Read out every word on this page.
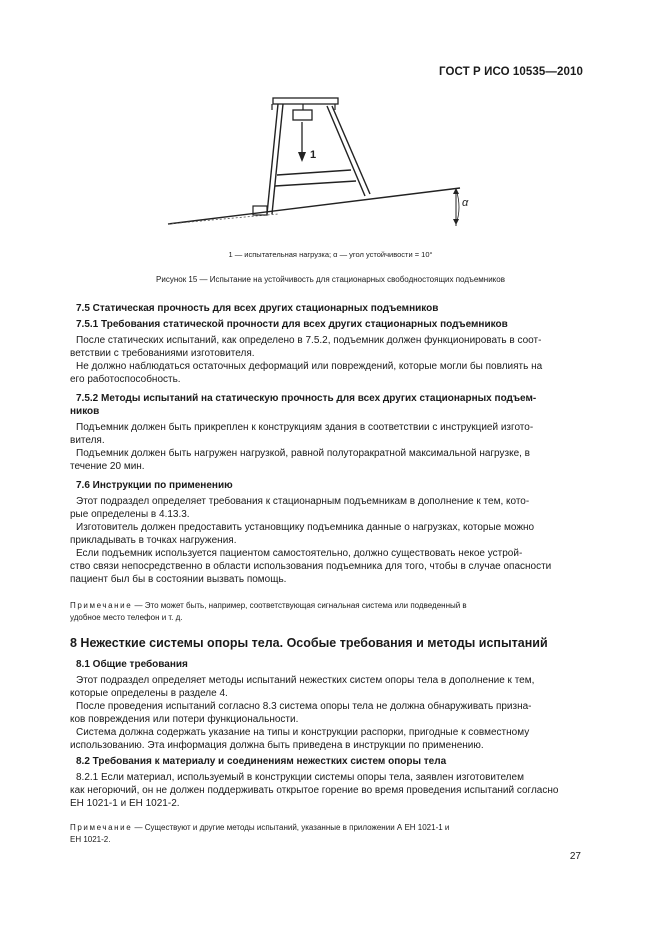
ГОСТ Р ИСО 10535—2010
1
α
1 — испытательная нагрузка; α — угол устойчивости = 10°
Рисунок 15 — Испытание на устойчивость для стационарных свободностоящих подъемников

7.5 Статическая прочность для всех других стационарных подъемников

7.5.1 Требования статической прочности для всех других стационарных подъемников

После статических испытаний, как определено в 7.5.2, подъемник должен функционировать в соот-

ветствии с требованиями изготовителя.

Не должно наблюдаться остаточных деформаций или повреждений, которые могли бы повлиять на

его работоспособность.

7.5.2 Методы испытаний на статическую прочность для всех других стационарных подъем-

ников

Подъемник должен быть прикреплен к конструкциям здания в соответствии с инструкцией изгото-

вителя.

Подъемник должен быть нагружен нагрузкой, равной полуторакратной максимальной нагрузке, в

течение 20 мин.

7.6 Инструкции по применению

Этот подраздел определяет требования к стационарным подъемникам в дополнение к тем, кото-

рые определены в 4.13.3.

Изготовитель должен предоставить установщику подъемника данные о нагрузках, которые можно

прикладывать в точках нагружения.

Если подъемник используется пациентом самостоятельно, должно существовать некое устрой-

ство связи непосредственно в области использования подъемника для того, чтобы в случае опасности

пациент был бы в состоянии вызвать помощь.

Примечание — Это может быть, например, соответствующая сигнальная система или подведенный в

удобное место телефон и т. д.

8 Нежесткие системы опоры тела. Особые требования и методы испытаний

8.1 Общие требования

Этот подраздел определяет методы испытаний нежестких систем опоры тела в дополнение к тем,

которые определены в разделе 4.

После проведения испытаний согласно 8.3 система опоры тела не должна обнаруживать призна-

ков повреждения или потери функциональности.

Система должна содержать указание на типы и конструкции распорки, пригодные к совместному

использованию. Эта информация должна быть приведена в инструкции по применению.

8.2 Требования к материалу и соединениям нежестких систем опоры тела

8.2.1 Если материал, используемый в конструкции системы опоры тела, заявлен изготовителем

как негорючий, он не должен поддерживать открытое горение во время проведения испытаний согласно

ЕН 1021-1 и ЕН 1021-2.

Примечание — Существуют и другие методы испытаний, указанные в приложении А ЕН 1021-1 и

ЕН 1021-2.

27
